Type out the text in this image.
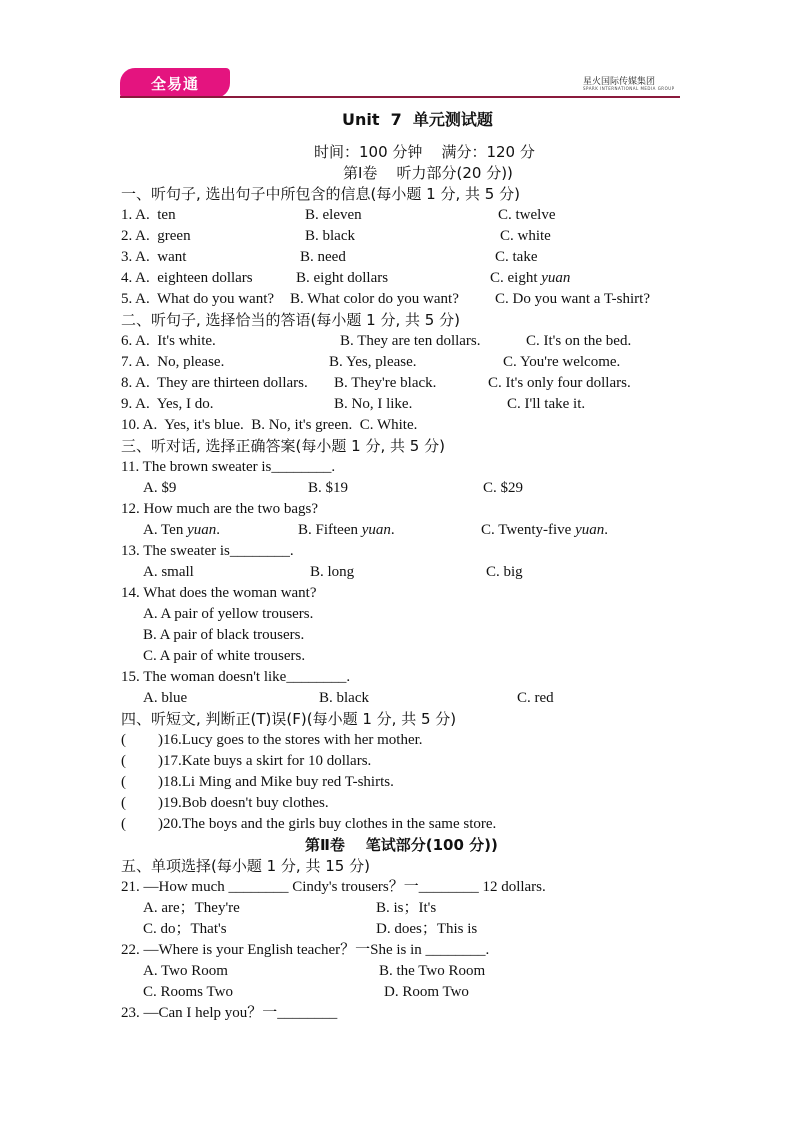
全易通	星火国际传媒集团
SPARK INTERNATIONAL MEDIA GROUP
Unit  7  单元测试题
时间：100 分钟    满分：120 分
第Ⅰ卷    听力部分(20 分))
一、听句子, 选出句子中所包含的信息(每小题 1 分, 共 5 分)
1. A.  ten	B. eleven	C. twelve
2. A.  green	B. black	C. white
3. A.  want	B. need	C. take
4. A.  eighteen dollars	B. eight dollars	C. eight yuan
5. A.  What do you want? B. What color do you want? C. Do you want a T-shirt?
二、听句子, 选择恰当的答语(每小题 1 分, 共 5 分)
6. A.  It's white.	B. They are ten dollars.	C. It's on the bed.
7. A.  No, please.	B. Yes, please.	C. You're welcome.
8. A.  They are thirteen dollars. B. They're black.	C. It's only four dollars.
9. A.  Yes, I do.	B. No, I like.	C. I'll take it.
10. A.  Yes, it's blue.  B. No, it's green.  C. White.
三、听对话, 选择正确答案(每小题 1 分, 共 5 分)
11. The brown sweater is________.
A. $9	B. $19	C. $29
12. How much are the two bags?
A. Ten yuan.	B. Fifteen yuan.	C. Twenty-five yuan.
13. The sweater is________.
A. small	B. long	C. big
14. What does the woman want?
A. A pair of yellow trousers.
B. A pair of black trousers.
C. A pair of white trousers.
15. The woman doesn't like________.
A. blue	B. black	C. red
四、听短文, 判断正(T)误(F)(每小题 1 分, 共 5 分)
( )16.Lucy goes to the stores with her mother.
( )17.Kate buys a skirt for 10 dollars.
( )18.Li Ming and Mike buy red T-shirts.
( )19.Bob doesn't buy clothes.
( )20.The boys and the girls buy clothes in the same store.
第Ⅱ卷    笔试部分(100 分))
五、单项选择(每小题 1 分, 共 15 分)
21. —How much ________ Cindy's trousers？一________ 12 dollars.
A. are；They're	B. is；It's
C. do；That's	D. does；This is
22. —Where is your English teacher？一She is in ________.
A. Two Room	B. the Two Room
C. Rooms Two	D. Room Two
23. —Can I help you？一________
